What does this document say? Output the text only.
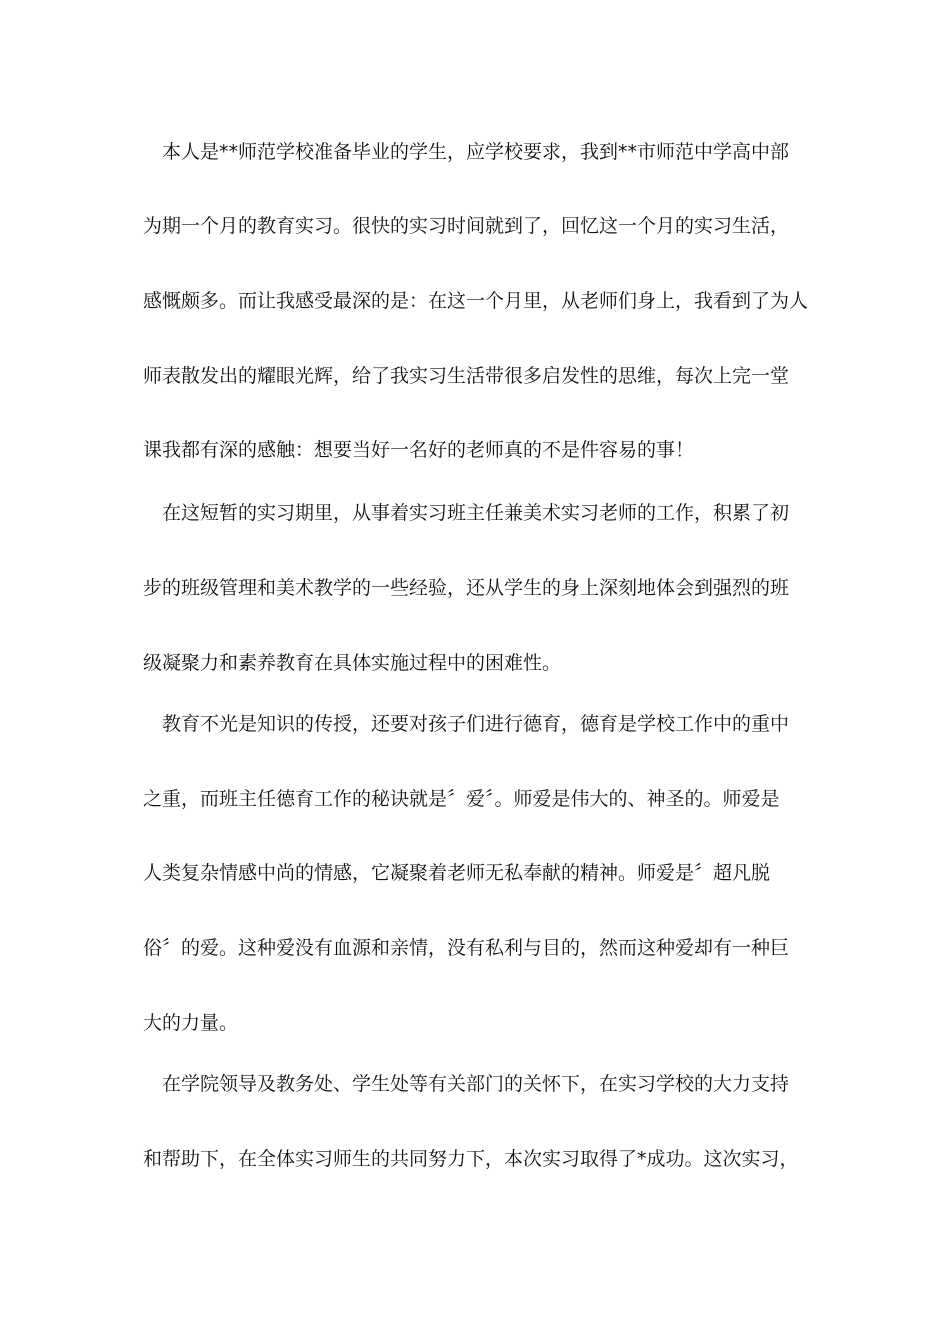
　本人是**师范学校准备毕业的学生，应学校要求，我到**市师范中学高中部
为期一个月的教育实习。很快的实习时间就到了，回忆这一个月的实习生活，
感慨颇多。而让我感受最深的是：在这一个月里，从老师们身上，我看到了为人
师表散发出的耀眼光辉，给了我实习生活带很多启发性的思维，每次上完一堂
课我都有深的感触：想要当好一名好的老师真的不是件容易的事！
　在这短暂的实习期里，从事着实习班主任兼美术实习老师的工作，积累了初
步的班级管理和美术教学的一些经验，还从学生的身上深刻地体会到强烈的班
级凝聚力和素养教育在具体实施过程中的困难性。
　教育不光是知识的传授，还要对孩子们进行德育，德育是学校工作中的重中
之重，而班主任德育工作的秘诀就是〞爱〞。师爱是伟大的、神圣的。师爱是
人类复杂情感中尚的情感，它凝聚着老师无私奉献的精神。师爱是〞超凡脱
俗〞的爱。这种爱没有血源和亲情，没有私利与目的，然而这种爱却有一种巨
大的力量。
　在学院领导及教务处、学生处等有关部门的关怀下，在实习学校的大力支持
和帮助下，在全体实习师生的共同努力下，本次实习取得了*成功。这次实习，
